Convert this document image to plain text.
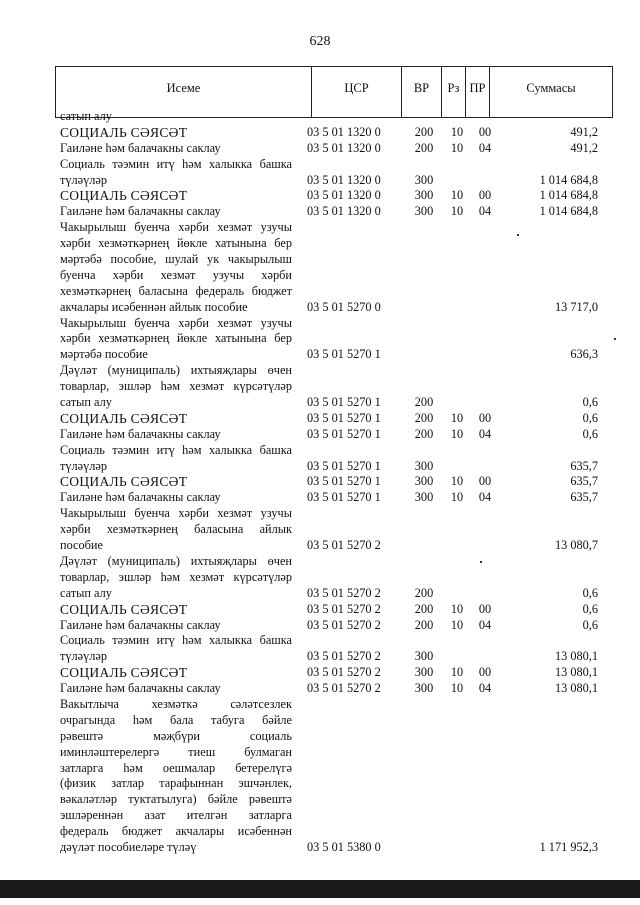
628
Исеме	ЦСР	ВР	Рз ПР	Суммасы
сатып алу
СОЦИАЛЬ СӘЯСӘТ	03 5 01 1320 0	200	10	00	491,2
Гаиләне һәм балачакны саклау	03 5 01 1320 0	200	10	04	491,2
Социаль тәэмин итү һәм халыкка башка
түләүләр	03 5 01 1320 0	300	1 014 684,8
СОЦИАЛЬ СӘЯСӘТ	03 5 01 1320 0	300	10	00	1 014 684,8
Гаиләне һәм балачакны саклау	03 5 01 1320 0	300	10	04	1 014 684,8
Чакырылыш буенча хәрби хезмәт узучы
хәрби хезмәткәрнең йөкле хатынына бер
мәртәбә пособие, шулай ук чакырылыш
буенча хәрби хезмәт узучы хәрби
хезмәткәрнең баласына федераль бюджет
акчалары исәбеннән айлык пособие	03 5 01 5270 0	13 717,0
Чакырылыш буенча хәрби хезмәт узучы
хәрби хезмәткәрнең йөкле хатынына бер
мәртәбә пособие	03 5 01 5270 1	636,3
Дәүләт (муниципаль) ихтыяҗлары өчен
товарлар, эшләр һәм хезмәт күрсәтүләр
сатып алу	03 5 01 5270 1	200	0,6
СОЦИАЛЬ СӘЯСӘТ	03 5 01 5270 1	200	10	00	0,6
Гаиләне һәм балачакны саклау	03 5 01 5270 1	200	10	04	0,6
Социаль тәэмин итү һәм халыкка башка
түләүләр	03 5 01 5270 1	300	635,7
СОЦИАЛЬ СӘЯСӘТ	03 5 01 5270 1	300	10	00	635,7
Гаиләне һәм балачакны саклау	03 5 01 5270 1	300	10	04	635,7
Чакырылыш буенча хәрби хезмәт узучы
хәрби хезмәткәрнең баласына айлык
пособие	03 5 01 5270 2	13 080,7
Дәүләт (муниципаль) ихтыяҗлары өчен
товарлар, эшләр һәм хезмәт күрсәтүләр
сатып алу	03 5 01 5270 2	200	0,6
СОЦИАЛЬ СӘЯСӘТ	03 5 01 5270 2	200	10	00	0,6
Гаиләне һәм балачакны саклау	03 5 01 5270 2	200	10	04	0,6
Социаль тәэмин итү һәм халыкка башка
түләүләр	03 5 01 5270 2	300	13 080,1
СОЦИАЛЬ СӘЯСӘТ	03 5 01 5270 2	300	10	00	13 080,1
Гаиләне һәм балачакны саклау	03 5 01 5270 2	300	10	04	13 080,1
Вакытлыча хезмәткә сәләтсезлек
очрагында һәм бала табуга бәйле
рәвештә мәҗбүри социаль
иминләштерелергә тиеш булмаган
затларга һәм оешмалар бетерелүгә
(физик затлар тарафыннан эшчәнлек,
вәкаләтләр туктатылуга) бәйле рәвештә
эшләреннән азат ителгән затларга
федераль бюджет акчалары исәбеннән
дәүләт пособиеләре түләү	03 5 01 5380 0	1 171 952,3
